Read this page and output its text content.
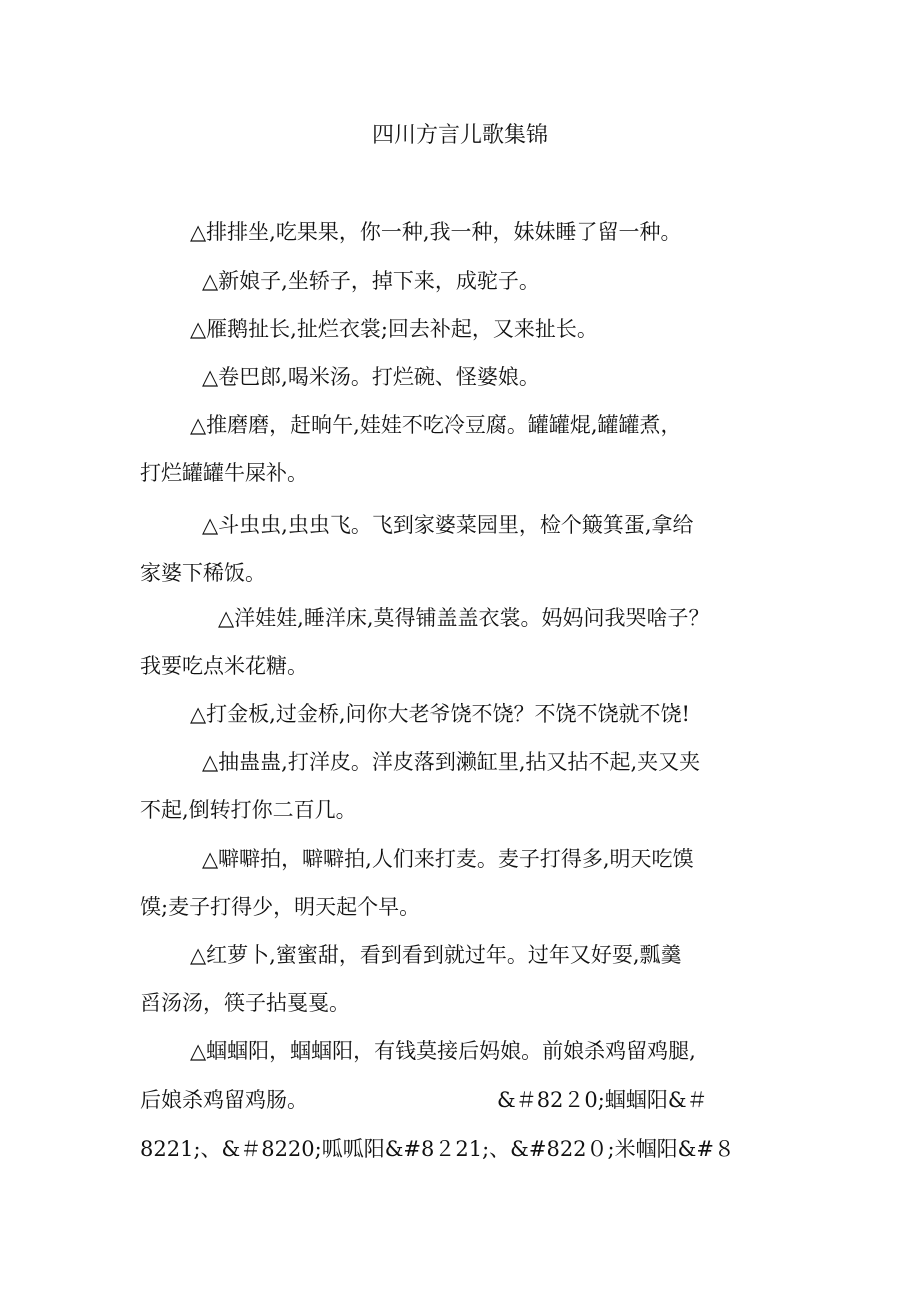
四川方言儿歌集锦
△排排坐,吃果果，你一种,我一种，妹妹睡了留一种。
△新娘子,坐轿子，掉下来，成驼子。
△雁鹅扯长,扯烂衣裳;回去补起，又来扯长。
△卷巴郎,喝米汤。打烂碗、怪婆娘。
△推磨磨，赶晌午,娃娃不吃冷豆腐。罐罐焜,罐罐煮，
打烂罐罐牛屎补。
△斗虫虫,虫虫飞。飞到家婆菜园里，检个簸箕蛋,拿给
家婆下稀饭。
△洋娃娃,睡洋床,莫得铺盖盖衣裳。妈妈问我哭啥子？
我要吃点米花糖。
△打金板,过金桥,问你大老爷饶不饶？不饶不饶就不饶!
△抽蛊蛊,打洋皮。洋皮落到濑缸里,拈又拈不起,夹又夹
不起,倒转打你二百几。
△噼噼拍，噼噼拍,人们来打麦。麦子打得多,明天吃馍
馍;麦子打得少，明天起个早。
△红萝卜,蜜蜜甜，看到看到就过年。过年又好耍,瓢羹
舀汤汤，筷子拈戛戛。
△蝈蝈阳，蝈蝈阳，有钱莫接后妈娘。前娘杀鸡留鸡腿,
后娘杀鸡留鸡肠。	&＃82２0;蝈蝈阳&＃
8221;、&＃8220;呱呱阳&#8２21;、&#822０;米帼阳&#８
